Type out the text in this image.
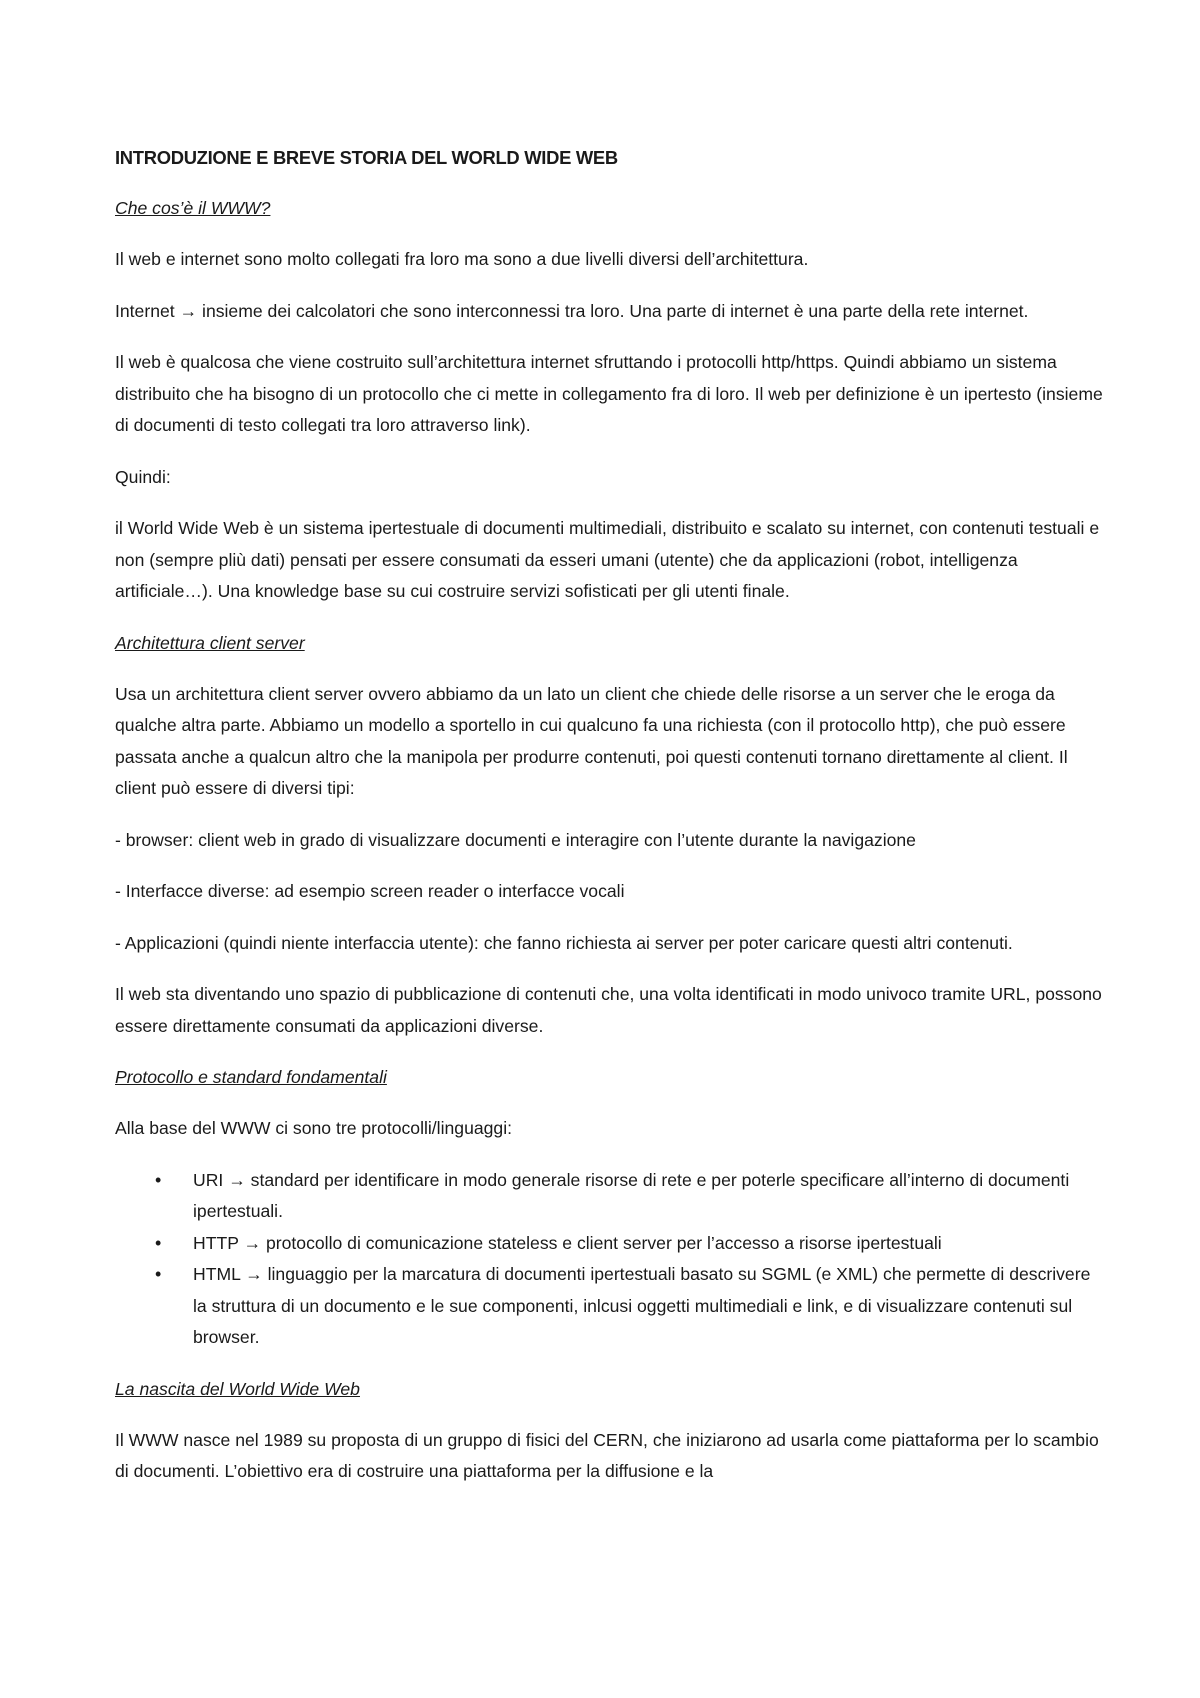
INTRODUZIONE E BREVE STORIA DEL WORLD WIDE WEB
Che cos’è il WWW?

Il web e internet sono molto collegati fra loro ma sono a due livelli diversi dell’architettura.

Internet → insieme dei calcolatori che sono interconnessi tra loro. Una parte di internet è una parte della rete internet.

Il web è qualcosa che viene costruito sull’architettura internet sfruttando i protocolli http/https. Quindi abbiamo un sistema distribuito che ha bisogno di un protocollo che ci mette in collegamento fra di loro. Il web per definizione è un ipertesto (insieme di documenti di testo collegati tra loro attraverso link).

Quindi:

il World Wide Web è un sistema ipertestuale di documenti multimediali, distribuito e scalato su internet, con contenuti testuali e non (sempre pliù dati) pensati per essere consumati da esseri umani (utente) che da applicazioni (robot, intelligenza artificiale…). Una knowledge base su cui costruire servizi sofisticati per gli utenti finale.

Architettura client server

Usa un architettura client server ovvero abbiamo da un lato un client che chiede delle risorse a un server che le eroga da qualche altra parte. Abbiamo un modello a sportello in cui qualcuno fa una richiesta (con il protocollo http), che può essere passata anche a qualcun altro che la manipola per produrre contenuti, poi questi contenuti tornano direttamente al client. Il client può essere di diversi tipi:

- browser: client web in grado di visualizzare documenti e interagire con l’utente durante la navigazione

- Interfacce diverse: ad esempio screen reader o interfacce vocali

- Applicazioni (quindi niente interfaccia utente): che fanno richiesta ai server per poter caricare questi altri contenuti.

Il web sta diventando uno spazio di pubblicazione di contenuti che, una volta identificati in modo univoco tramite URL, possono essere direttamente consumati da applicazioni diverse.

Protocollo e standard fondamentali

Alla base del WWW ci sono tre protocolli/linguaggi:

• URI → standard per identificare in modo generale risorse di rete e per poterle specificare all’interno di documenti ipertestuali.
• HTTP → protocollo di comunicazione stateless e client server per l’accesso a risorse ipertestuali
• HTML → linguaggio per la marcatura di documenti ipertestuali basato su SGML (e XML) che permette di descrivere la struttura di un documento e le sue componenti, inlcusi oggetti multimediali e link, e di visualizzare contenuti sul browser.
La nascita del World Wide Web

Il WWW nasce nel 1989 su proposta di un gruppo di fisici del CERN, che iniziarono ad usarla come piattaforma per lo scambio di documenti. L’obiettivo era di costruire una piattaforma per la diffusione e la
